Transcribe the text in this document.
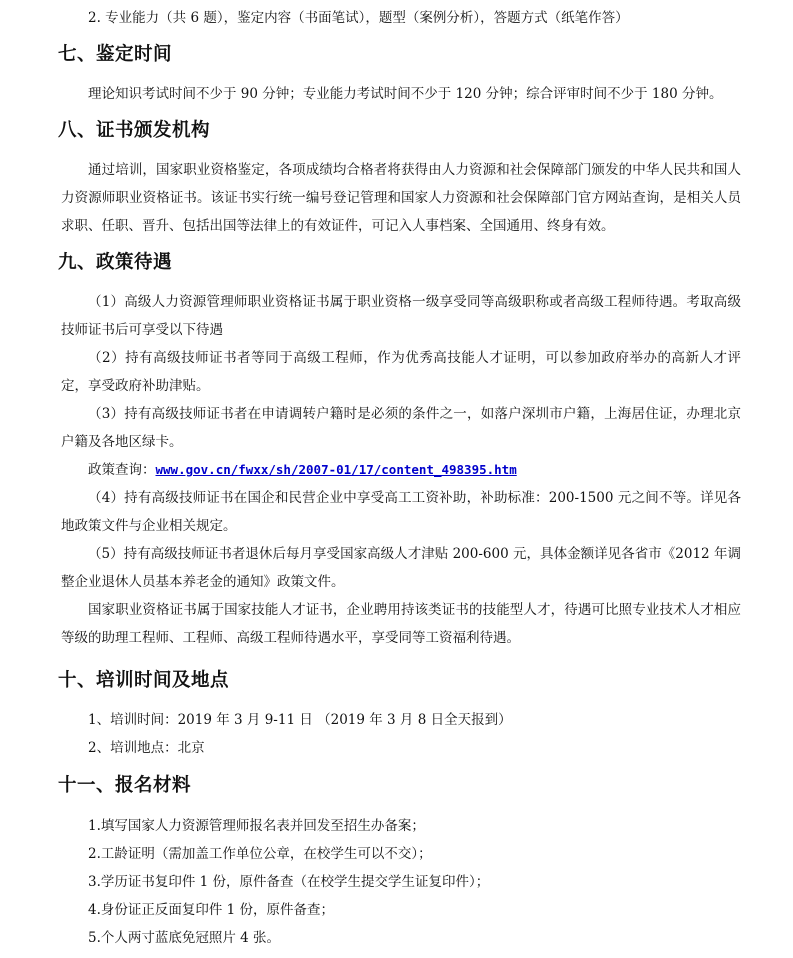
2. 专业能力（共 6 题），鉴定内容（书面笔试），题型（案例分析），答题方式（纸笔作答）
七、鉴定时间
理论知识考试时间不少于 90 分钟；专业能力考试时间不少于 120 分钟；综合评审时间不少于 180 分钟。
八、证书颁发机构
通过培训，国家职业资格鉴定，各项成绩均合格者将获得由人力资源和社会保障部门颁发的中华人民共和国人力资源师职业资格证书。该证书实行统一编号登记管理和国家人力资源和社会保障部门官方网站查询，是相关人员求职、任职、晋升、包括出国等法律上的有效证件，可记入人事档案、全国通用、终身有效。
九、政策待遇
（1）高级人力资源管理师职业资格证书属于职业资格一级享受同等高级职称或者高级工程师待遇。考取高级技师证书后可享受以下待遇
（2）持有高级技师证书者等同于高级工程师，作为优秀高技能人才证明，可以参加政府举办的高新人才评定，享受政府补助津贴。
（3）持有高级技师证书者在申请调转户籍时是必须的条件之一，如落户深圳市户籍，上海居住证，办理北京户籍及各地区绿卡。
政策查询：www.gov.cn/fwxx/sh/2007-01/17/content_498395.htm
（4）持有高级技师证书在国企和民营企业中享受高工工资补助，补助标准：200-1500 元之间不等。详见各地政策文件与企业相关规定。
（5）持有高级技师证书者退休后每月享受国家高级人才津贴 200-600 元，具体金额详见各省市《2012 年调整企业退休人员基本养老金的通知》政策文件。
国家职业资格证书属于国家技能人才证书，企业聘用持该类证书的技能型人才，待遇可比照专业技术人才相应等级的助理工程师、工程师、高级工程师待遇水平，享受同等工资福利待遇。
十、培训时间及地点
1、培训时间：2019 年 3 月 9-11 日 （2019 年 3 月 8 日全天报到）
2、培训地点：北京
十一、报名材料
1.填写国家人力资源管理师报名表并回发至招生办备案；
2.工龄证明（需加盖工作单位公章，在校学生可以不交）；
3.学历证书复印件 1 份，原件备查（在校学生提交学生证复印件）；
4.身份证正反面复印件 1 份，原件备查；
5.个人两寸蓝底免冠照片 4 张。
